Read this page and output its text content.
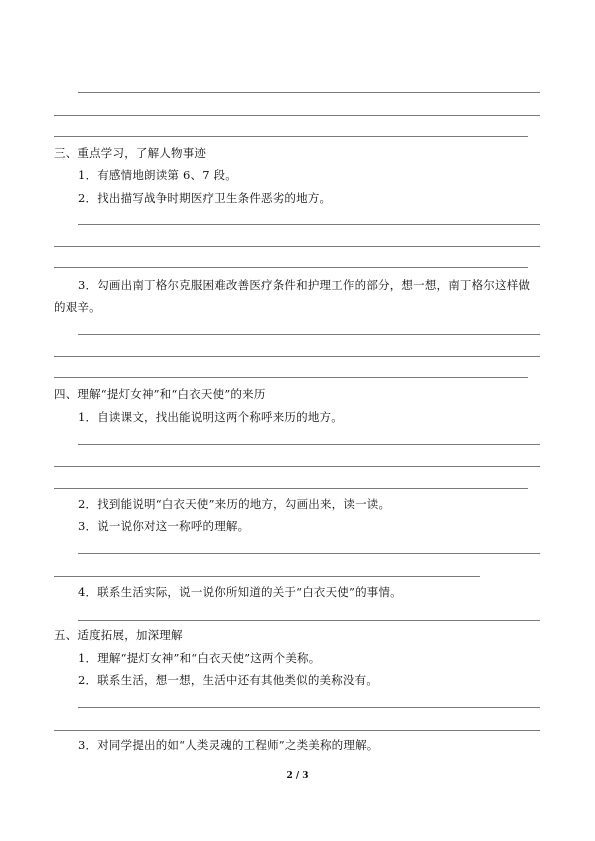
三、重点学习，了解人物事迹
1．有感情地朗读第 6、7 段。
2．找出描写战争时期医疗卫生条件恶劣的地方。
3．勾画出南丁格尔克服困难改善医疗条件和护理工作的部分，想一想，南丁格尔这样做
的艰辛。
四、理解“提灯女神”和“白衣天使”的来历
1．自读课文，找出能说明这两个称呼来历的地方。
2．找到能说明“白衣天使”来历的地方，勾画出来，读一读。
3．说一说你对这一称呼的理解。
4．联系生活实际，说一说你所知道的关于“白衣天使”的事情。
五、适度拓展，加深理解
1．理解“提灯女神”和“白衣天使”这两个美称。
2．联系生活，想一想，生活中还有其他类似的美称没有。
3．对同学提出的如“人类灵魂的工程师”之类美称的理解。
2 / 3
